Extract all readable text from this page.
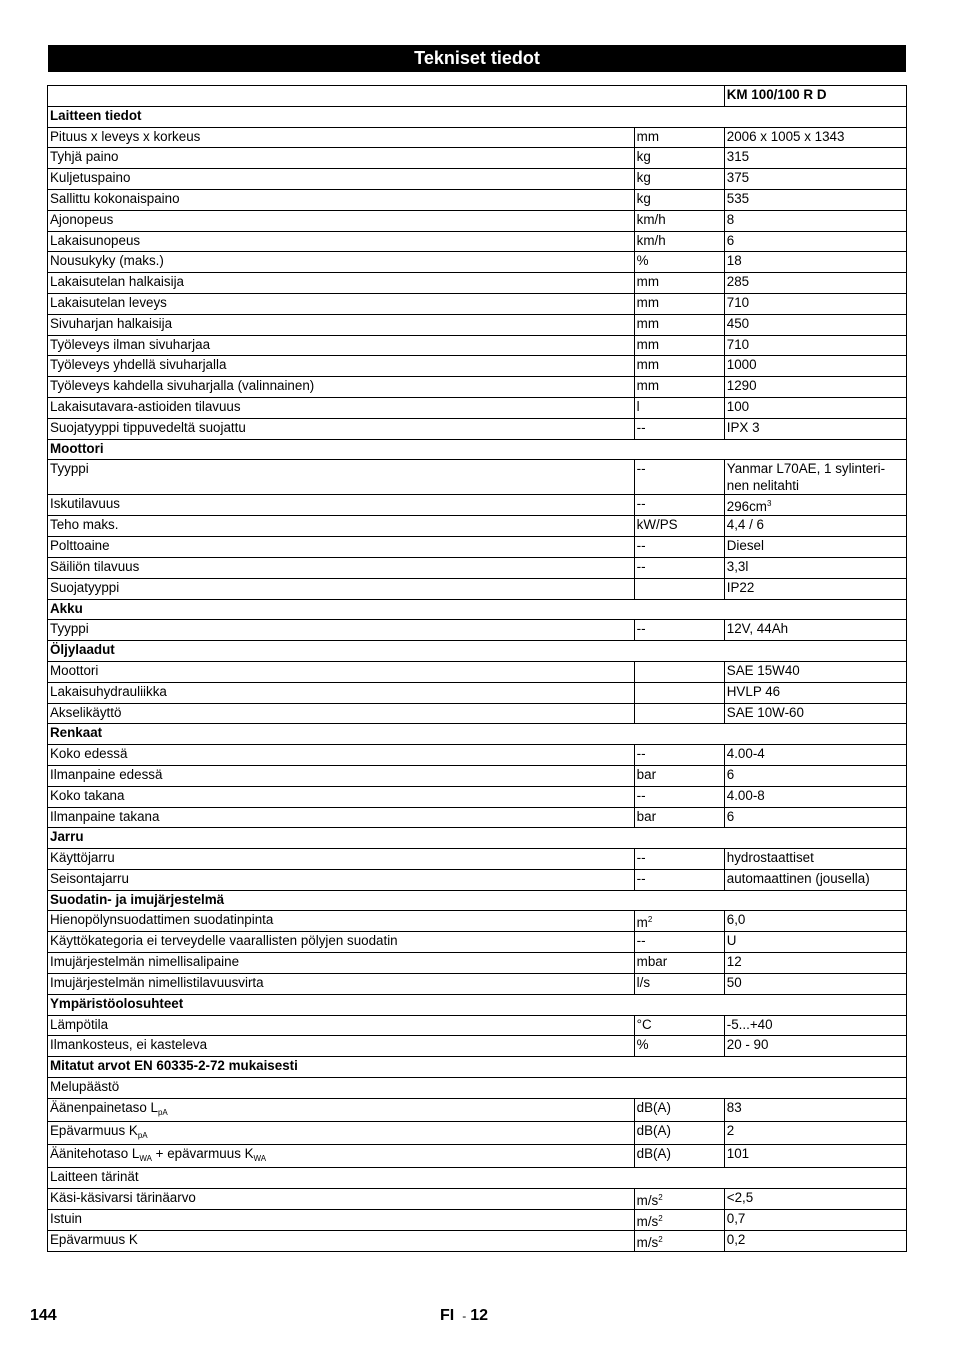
Tekniset tiedot
		KM 100/100 R D
Laitteen tiedot		
Pituus x leveys x korkeus	mm	2006 x 1005 x 1343
Tyhjä paino	kg	315
Kuljetuspaino	kg	375
Sallittu kokonaispaino	kg	535
Ajonopeus	km/h	8
Lakaisunopeus	km/h	6
Nousukyky (maks.)	%	18
Lakaisutelan halkaisija	mm	285
Lakaisutelan leveys	mm	710
Sivuharjan halkaisija	mm	450
Työleveys ilman sivuharjaa	mm	710
Työleveys yhdellä sivuharjalla	mm	1000
Työleveys kahdella sivuharjalla (valinnainen)	mm	1290
Lakaisutavara-astioiden tilavuus	l	100
Suojatyyppi tippuvedeltä suojattu	--	IPX 3
Moottori		
Tyyppi	--	Yanmar L70AE, 1 sylinteri-nen nelitahti
Iskutilavuus	--	$296cm^3$
Teho maks.	kW/PS	4,4 / 6
Polttoaine	--	Diesel
Säiliön tilavuus	--	3,3l
Suojatyyppi		IP22
Akku		
Tyyppi	--	12V, 44Ah
Öljylaadut		
Moottori		SAE 15W40
Lakaisuhydrauliikka		HVLP 46
Akselikäyttö		SAE 10W-60
Renkaat		
Koko edessä	--	4.00-4
Ilmanpaine edessä	bar	6
Koko takana	--	4.00-8
Ilmanpaine takana	bar	6
Jarru		
Käyttöjarru	--	hydrostaattiset
Seisontajarru	--	automaattinen (jousella)
Suodatin- ja imujärjestelmä		
Hienopölynsuodattimen suodatinpinta	$m^2$	6,0
Käyttökategoria ei terveydelle vaarallisten pölyjen suodatin	--	U
Imujärjestelmän nimellisalipaine	mbar	12
Imujärjestelmän nimellistilavuusvirta	l/s	50
Ympäristöolosuhteet		
Lämpötila	°C	-5...+40
Ilmankosteus, ei kasteleva	%	20 - 90
Mitatut arvot EN 60335-2-72 mukaisesti		
Melupäästö		
Äänenpainetaso $L_{pA}$	dB(A)	83
Epävarmuus $K_{pA}$	dB(A)	2
Äänitehotaso $L_{WA}$ + epävarmuus $K_{WA}$	dB(A)	101
Laitteen tärinät		
Käsi-käsivarsi tärinäarvo	$m/s^2$	<2,5
Istuin	$m/s^2$	0,7
Epävarmuus K	$m/s^2$	0,2
144	FI - 12
